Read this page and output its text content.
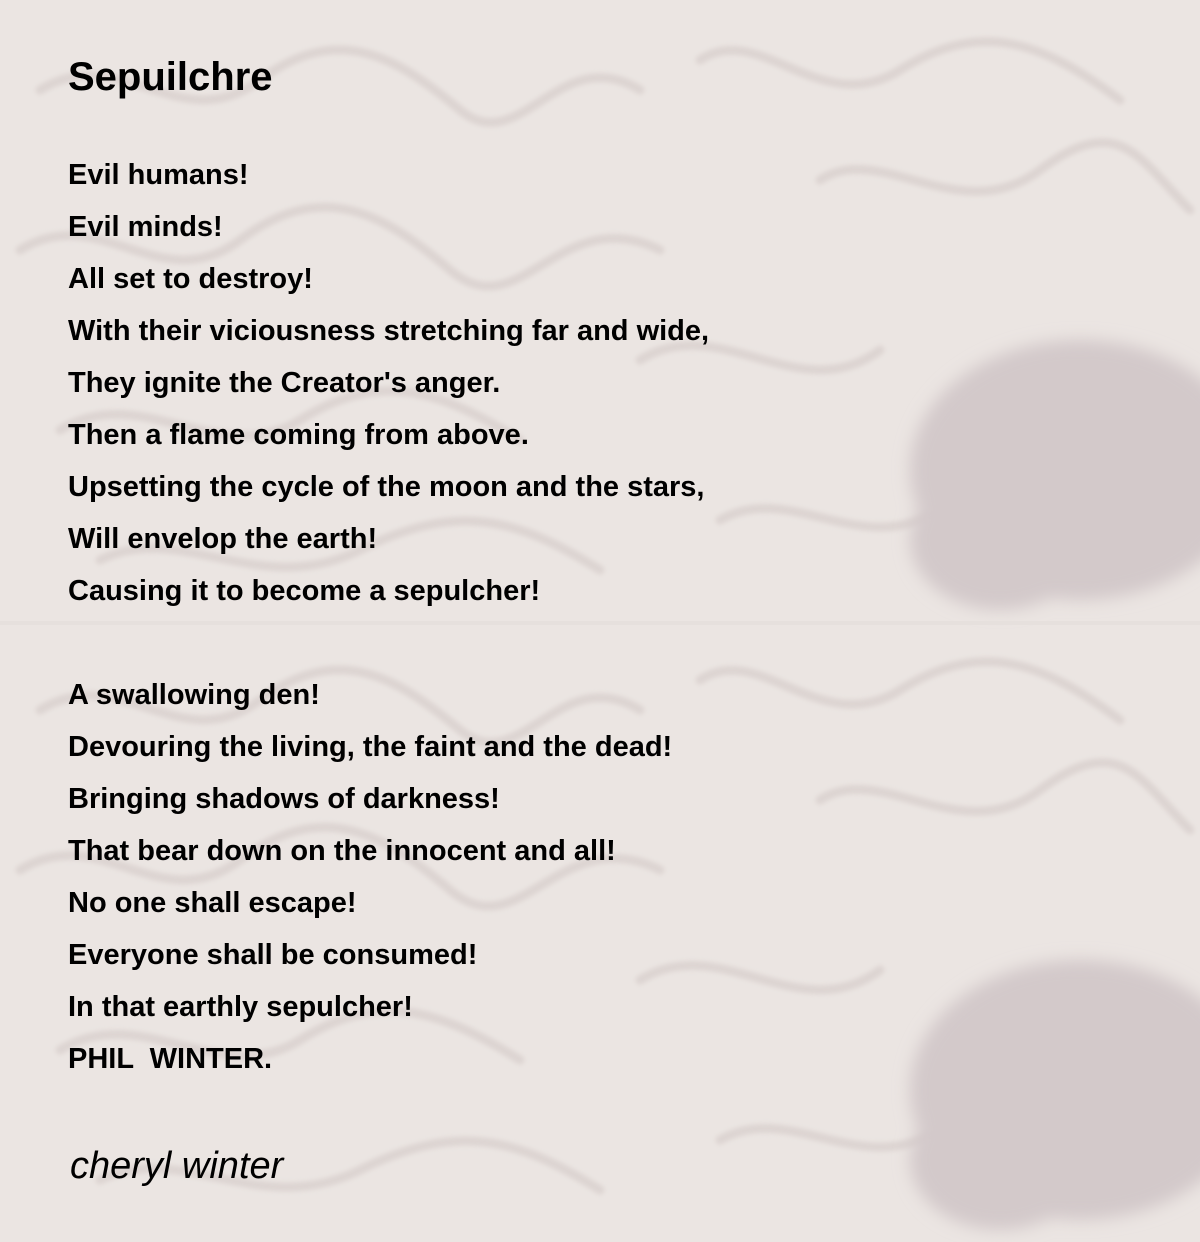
Sepuilchre
Evil humans!
Evil minds!
All set to destroy!
With their viciousness stretching far and wide,
They ignite the Creator's anger.
Then a flame coming from above.
Upsetting the cycle of the moon and the stars,
Will envelop the earth!
Causing it to become a sepulcher!
A swallowing den!
Devouring the living, the faint and the dead!
Bringing shadows of darkness!
That bear down on the innocent and all!
No one shall escape!
Everyone shall be consumed!
In that earthly sepulcher!
PHIL  WINTER.
cheryl winter
